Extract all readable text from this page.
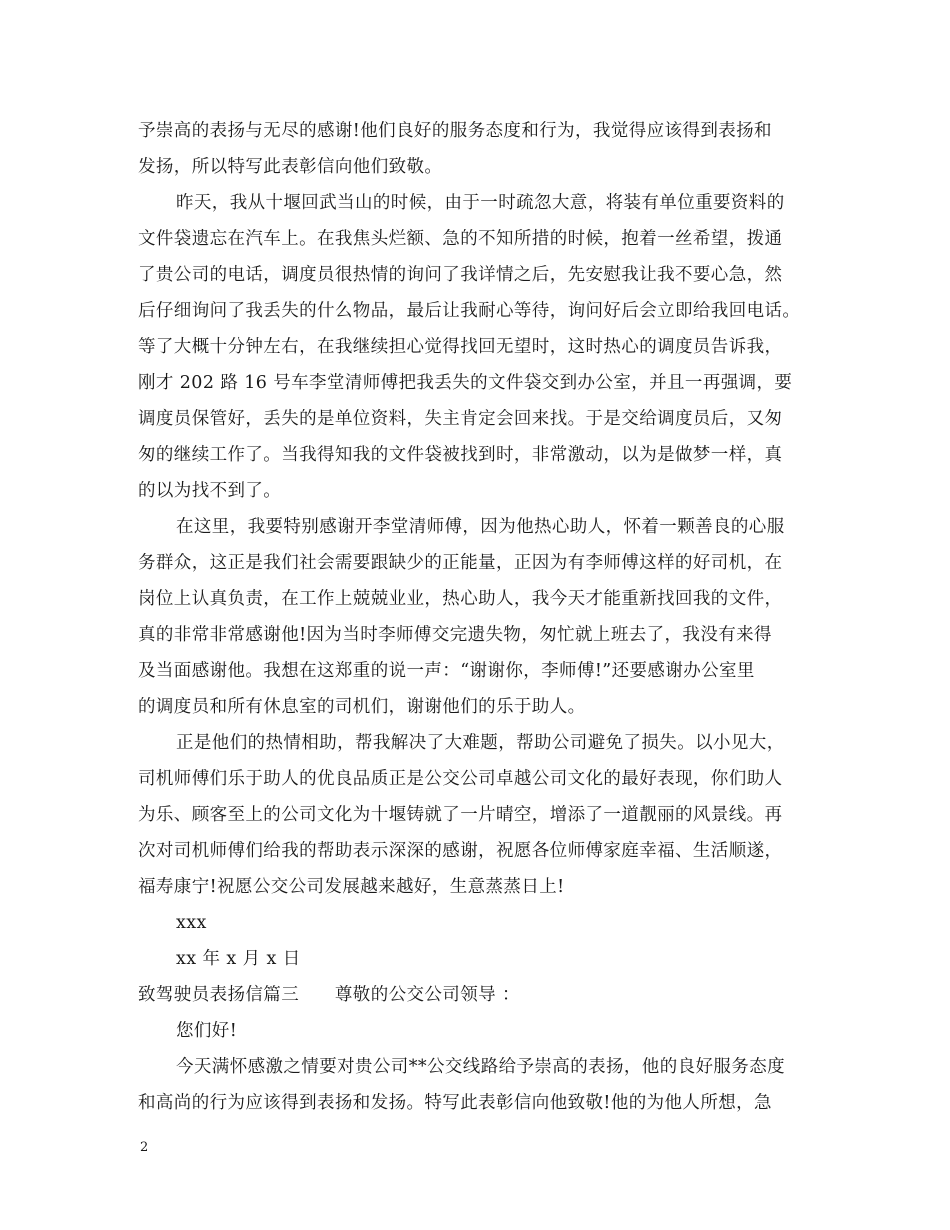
予崇高的表扬与无尽的感谢!他们良好的服务态度和行为，我觉得应该得到表扬和
发扬，所以特写此表彰信向他们致敬。
昨天，我从十堰回武当山的时候，由于一时疏忽大意，将装有单位重要资料的
文件袋遗忘在汽车上。在我焦头烂额、急的不知所措的时候，抱着一丝希望，拨通
了贵公司的电话，调度员很热情的询问了我详情之后，先安慰我让我不要心急，然
后仔细询问了我丢失的什么物品，最后让我耐心等待，询问好后会立即给我回电话。
等了大概十分钟左右，在我继续担心觉得找回无望时，这时热心的调度员告诉我，
刚才 202 路 16 号车李堂清师傅把我丢失的文件袋交到办公室，并且一再强调，要
调度员保管好，丢失的是单位资料，失主肯定会回来找。于是交给调度员后，又匆
匆的继续工作了。当我得知我的文件袋被找到时，非常激动，以为是做梦一样，真
的以为找不到了。
在这里，我要特别感谢开李堂清师傅，因为他热心助人，怀着一颗善良的心服
务群众，这正是我们社会需要跟缺少的正能量，正因为有李师傅这样的好司机，在
岗位上认真负责，在工作上兢兢业业，热心助人，我今天才能重新找回我的文件，
真的非常非常感谢他!因为当时李师傅交完遗失物，匆忙就上班去了，我没有来得
及当面感谢他。我想在这郑重的说一声：“谢谢你，李师傅!”还要感谢办公室里
的调度员和所有休息室的司机们，谢谢他们的乐于助人。
正是他们的热情相助，帮我解决了大难题，帮助公司避免了损失。以小见大，
司机师傅们乐于助人的优良品质正是公交公司卓越公司文化的最好表现，你们助人
为乐、顾客至上的公司文化为十堰铸就了一片晴空，增添了一道靓丽的风景线。再
次对司机师傅们给我的帮助表示深深的感谢，祝愿各位师傅家庭幸福、生活顺遂，
福寿康宁!祝愿公交公司发展越来越好，生意蒸蒸日上!
xxx
xx 年 x 月 x 日
致驾驶员表扬信篇三　　尊敬的公交公司领导 ：
您们好!
今天满怀感激之情要对贵公司**公交线路给予崇高的表扬，他的良好服务态度
和高尚的行为应该得到表扬和发扬。特写此表彰信向他致敬!他的为他人所想，急
2
